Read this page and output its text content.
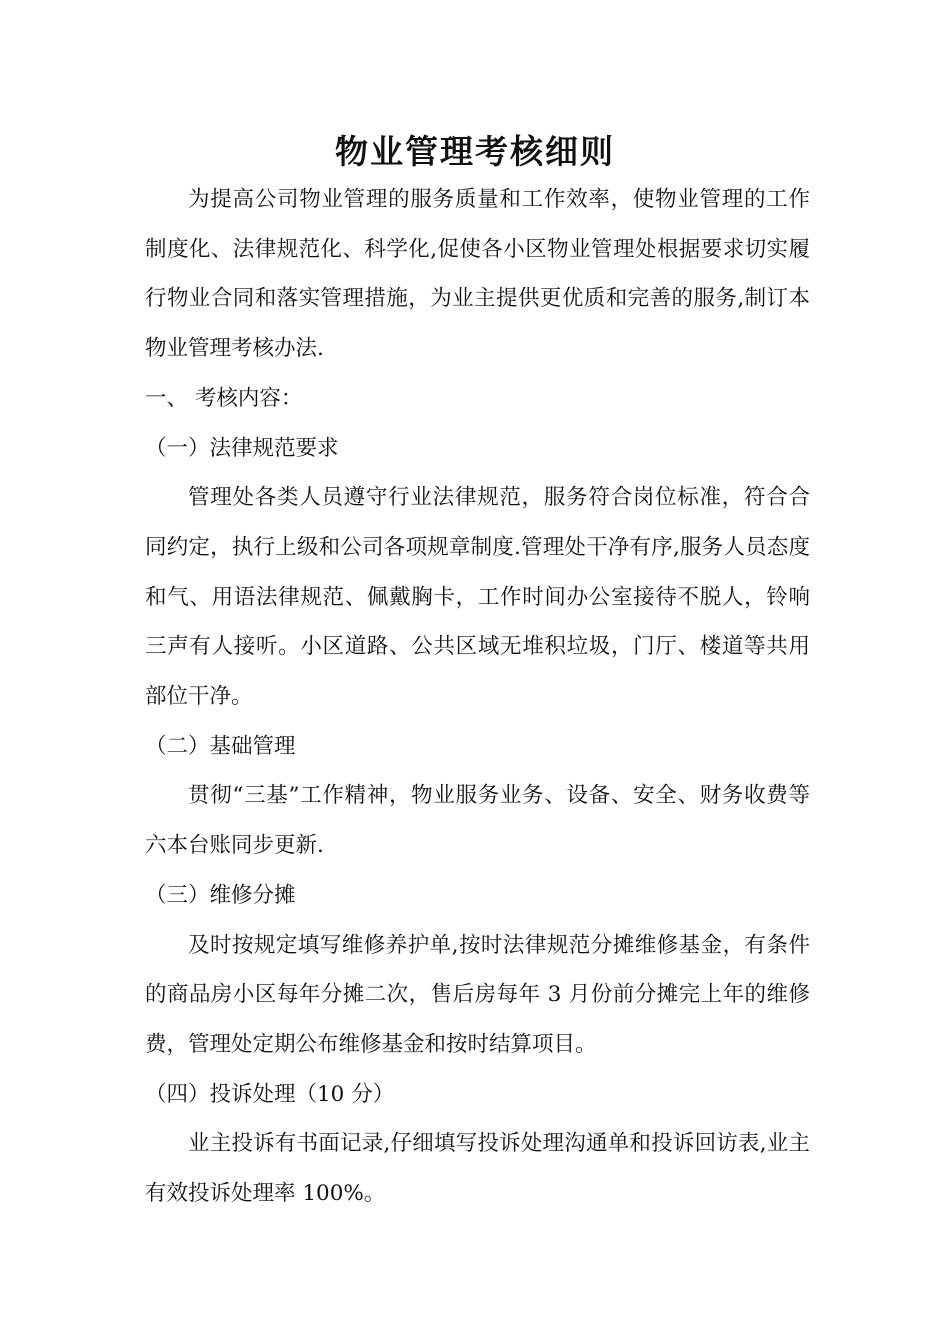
物业管理考核细则

为提高公司物业管理的服务质量和工作效率，使物业管理的工作制度化、法律规范化、科学化,促使各小区物业管理处根据要求切实履行物业合同和落实管理措施，为业主提供更优质和完善的服务,制订本物业管理考核办法.

一、 考核内容：

（一）法律规范要求

管理处各类人员遵守行业法律规范，服务符合岗位标准，符合合同约定，执行上级和公司各项规章制度.管理处干净有序,服务人员态度和气、用语法律规范、佩戴胸卡，工作时间办公室接待不脱人，铃响三声有人接听。小区道路、公共区域无堆积垃圾，门厅、楼道等共用部位干净。

（二）基础管理

贯彻“三基”工作精神，物业服务业务、设备、安全、财务收费等六本台账同步更新.

（三）维修分摊

及时按规定填写维修养护单,按时法律规范分摊维修基金，有条件的商品房小区每年分摊二次，售后房每年 3 月份前分摊完上年的维修费，管理处定期公布维修基金和按时结算项目。

（四）投诉处理（10 分）

业主投诉有书面记录,仔细填写投诉处理沟通单和投诉回访表,业主有效投诉处理率 100%。
